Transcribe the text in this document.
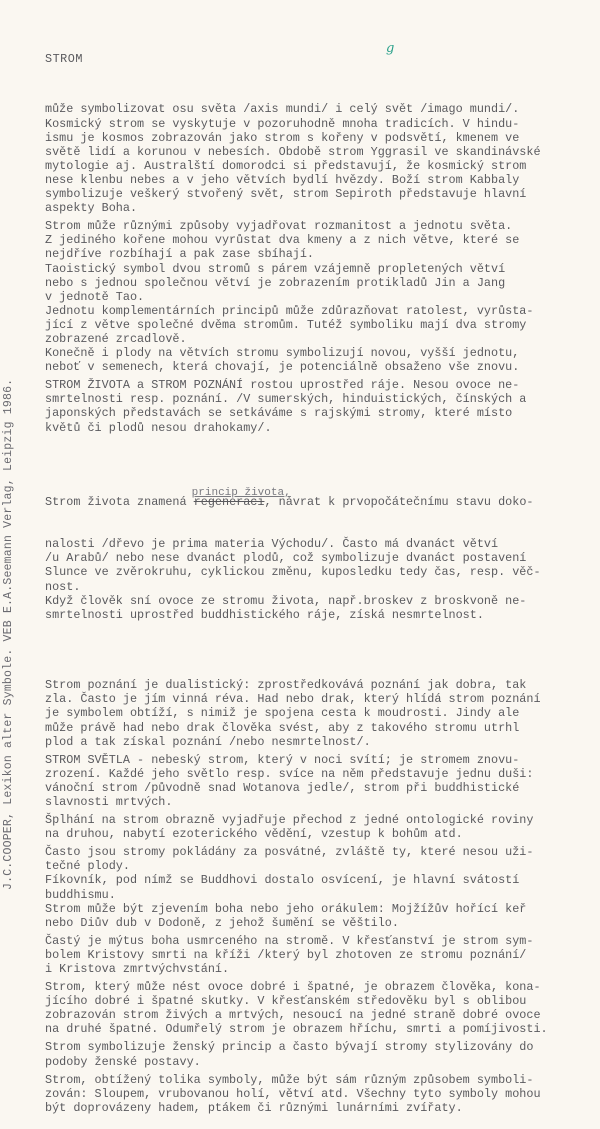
STROM

může symbolizovat osu světa /axis mundi/ i celý svět /imago mundi/.
Kosmický strom se vyskytuje v pozoruhodně mnoha tradicích. V hindu-
ismu je kosmos zobrazován jako strom s kořeny v podsvětí, kmenem ve
světě lidí a korunou v nebesích. Obdobě strom Yggrasil ve skandinávské
mytologie aj. Australští domorodci si představují, že kosmický strom
nese klenbu nebes a v jeho větvích bydlí hvězdy. Boží strom Kabbaly
symbolizuje veškerý stvořený svět, strom Sepiroth představuje hlavní
aspekty Boha.
Strom může různými způsoby vyjadřovat rozmanitost a jednotu světa.
Z jediného kořene mohou vyrůstat dva kmeny a z nich větve, které se
nejdříve rozbíhají a pak zase sbíhají.
Taoistický symbol dvou stromů s párem vzájemně propletených větví
nebo s jednou společnou větví je zobrazením protikladů Jin a Jang
v jednotě Tao.
Jednotu komplementárních principů může zdůrazňovat ratolest, vyrůsta-
jící z větve společné dvěma stromům. Tutéž symboliku mají dva stromy
zobrazené zrcadlově.
Konečně i plody na větvích stromu symbolizují novou, vyšší jednotu,
neboť v semenech, která chovají, je potenciálně obsaženo vše znovu.
STROM ŽIVOTA a STROM POZNÁNÍ rostou uprostřed ráje. Nesou ovoce ne-
smrtelnosti resp. poznání. /V sumerských, hinduistických, čínských a
japonských představách se setkáváme s rajskými stromy, které místo
květů či plodů nesou drahokamy/.

Strom života znamená
princip života,
regeneraci, návrat k prvopočátečnímu stavu doko-

nalosti /dřevo je prima materia Východu/. Často má dvanáct větví
/u Arabů/ nebo nese dvanáct plodů, což symbolizuje dvanáct postavení
Slunce ve zvěrokruhu, cyklickou změnu, kuposledku tedy čas, resp. věč-
nost.
Když člověk sní ovoce ze stromu života, např.broskev z broskvoně ne-
smrtelnosti uprostřed buddhistického ráje, získá nesmrtelnost.

Strom poznání je dualistický: zprostředkovává poznání jak dobra, tak
zla. Často je jím vinná réva. Had nebo drak, který hlídá strom poznání
je symbolem obtíží, s nimiž je spojena cesta k moudrosti. Jindy ale
může právě had nebo drak člověka svést, aby z takového stromu utrhl
plod a tak získal poznání /nebo nesmrtelnost/.
STROM SVĚTLA - nebeský strom, který v noci svítí; je stromem znovu-
zrození. Každé jeho světlo resp. svíce na něm představuje jednu duši:
vánoční strom /původně snad Wotanova jedle/, strom při buddhistické
slavnosti mrtvých.
Šplhání na strom obrazně vyjadřuje přechod z jedné ontologické roviny
na druhou, nabytí ezoterického vědění, vzestup k bohům atd.
Často jsou stromy pokládány za posvátné, zvláště ty, které nesou uži-
tečné plody.
Fíkovník, pod nímž se Buddhovi dostalo osvícení, je hlavní svátostí
buddhismu.
Strom může být zjevením boha nebo jeho orákulem: Mojžížův hořící keř
nebo Diův dub v Dodoně, z jehož šumění se věštilo.
Častý je mýtus boha usmrceného na stromě. V křesťanství je strom sym-
bolem Kristovy smrti na kříži /který byl zhotoven ze stromu poznání/
i Kristova zmrtvýchvstání.
Strom, který může nést ovoce dobré i špatné, je obrazem člověka, kona-
jícího dobré i špatné skutky. V křesťanském středověku byl s oblibou
zobrazován strom živých a mrtvých, nesoucí na jedné straně dobré ovoce
na druhé špatné. Odumřelý strom je obrazem hříchu, smrti a pomíjivosti.
Strom symbolizuje ženský princip a často bývají stromy stylizovány do
podoby ženské postavy.
Strom, obtížený tolika symboly, může být sám různým způsobem symboli-
zován: Sloupem, vrubovanou holí, větví atd. Všechny tyto symboly mohou
být doprovázeny hadem, ptákem či různými lunárními zvířaty.

g
J.C.COOPER, Lexikon alter Symbole. VEB E.A.Seemann Verlag, Leipzig 1986.
